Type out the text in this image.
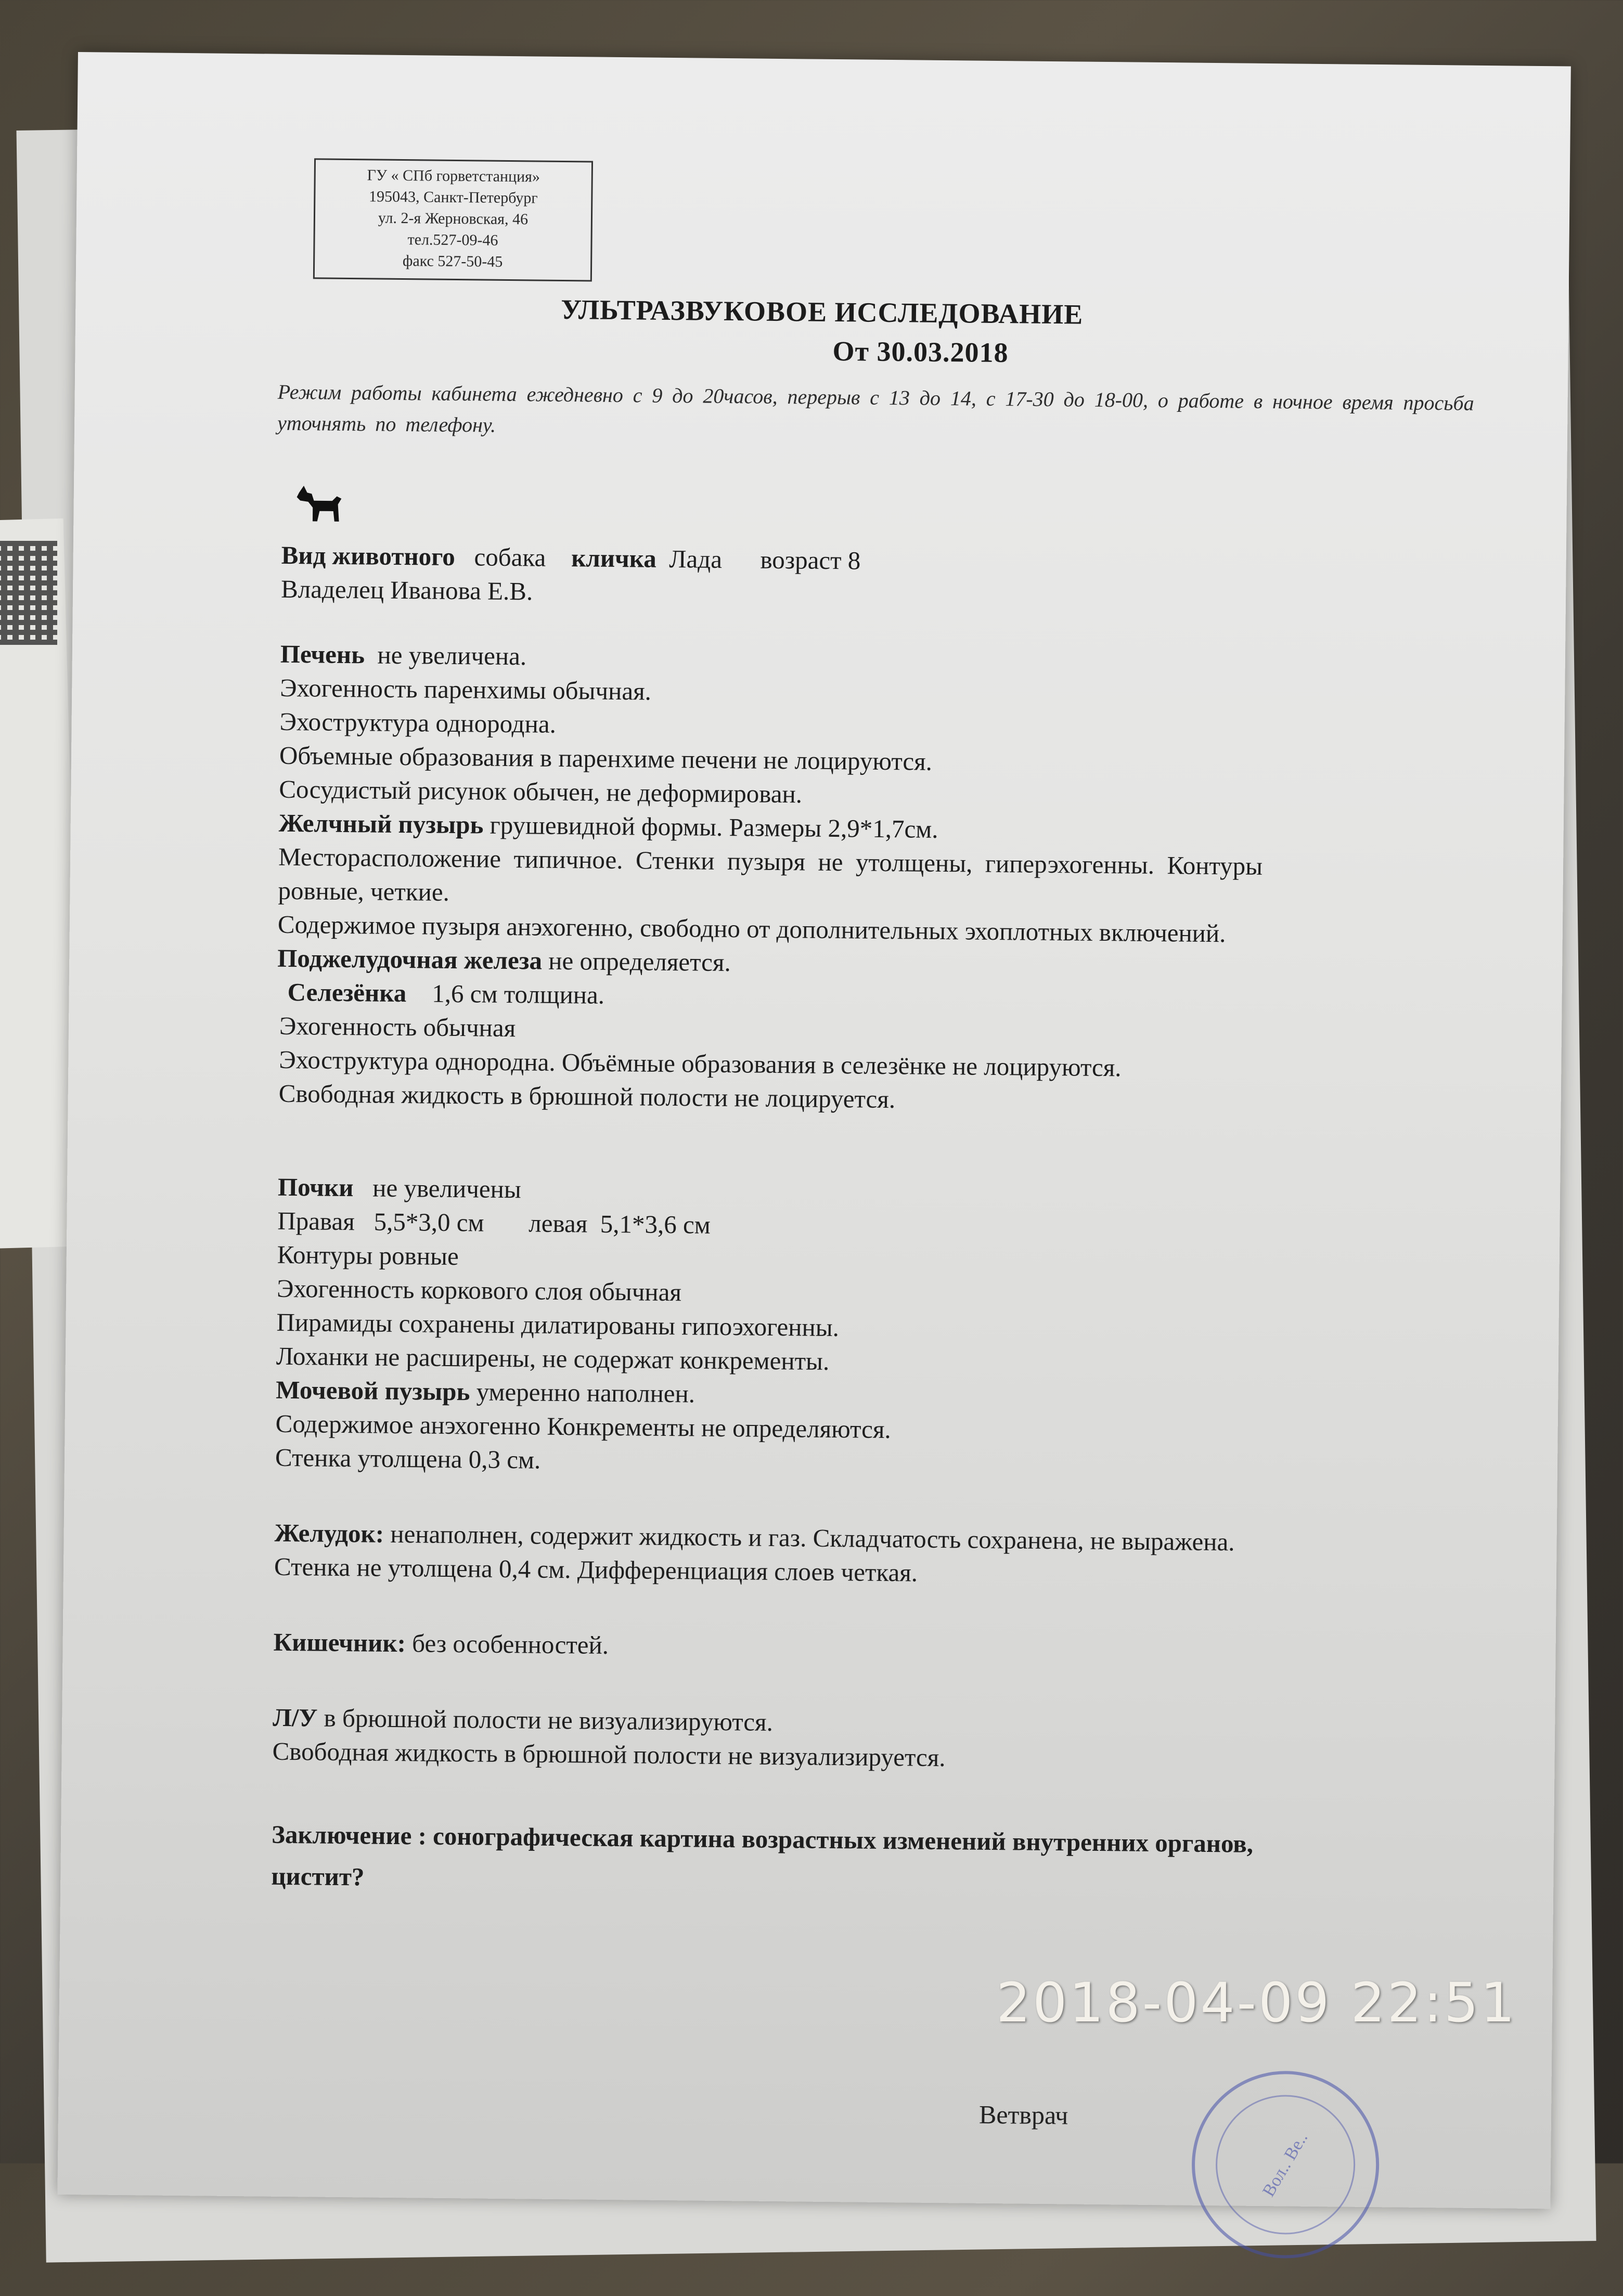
ГУ « СПб горветстанция»
195043, Санкт-Петербург
ул. 2-я Жерновская, 46
тел.527-09-46
факс 527-50-45
УЛЬТРАЗВУКОВОЕ ИССЛЕДОВАНИЕ
От 30.03.2018
Режим работы кабинета ежедневно с 9 до 20часов, перерыв с 13 до 14, с 17-30 до 18-00, о работе в ночное время просьба уточнять по телефону.
Вид животного собака кличка Лада возраст 8
Владелец Иванова Е.В.
Печень не увеличена.
Эхогенность паренхимы обычная.
Эхоструктура однородна.
Объемные образования в паренхиме печени не лоцируются.
Сосудистый рисунок обычен, не деформирован.
Желчный пузырь грушевидной формы. Размеры 2,9*1,7см.
Месторасположение  типичное.  Стенки  пузыря  не  утолщены,  гиперэхогенны.  Контуры
ровные, четкие.
Содержимое пузыря анэхогенно, свободно от дополнительных эхоплотных включений.
Поджелудочная железа не определяется.
Селезёнка 1,6 см толщина.
Эхогенность обычная
Эхоструктура однородна. Объёмные образования в селезёнке не лоцируются.
Свободная жидкость в брюшной полости не лоцируется.
Почки не увеличены
Правая   5,5*3,0 см левая  5,1*3,6 см
Контуры ровные
Эхогенность коркового слоя обычная
Пирамиды сохранены дилатированы гипоэхогенны.
Лоханки не расширены, не содержат конкременты.
Мочевой пузырь умеренно наполнен.
Содержимое анэхогенно Конкременты не определяются.
Стенка утолщена 0,3 см.
Желудок: ненаполнен, содержит жидкость и газ. Складчатость сохранена, не выражена.
Стенка не утолщена 0,4 см. Дифференциация слоев четкая.
Кишечник: без особенностей.
Л/У в брюшной полости не визуализируются.
Свободная жидкость в брюшной полости не визуализируется.
Заключение : сонографическая картина возрастных изменений внутренних органов,
цистит?
Ветврач
Вол.. Ве..
2018-04-09 22:51
